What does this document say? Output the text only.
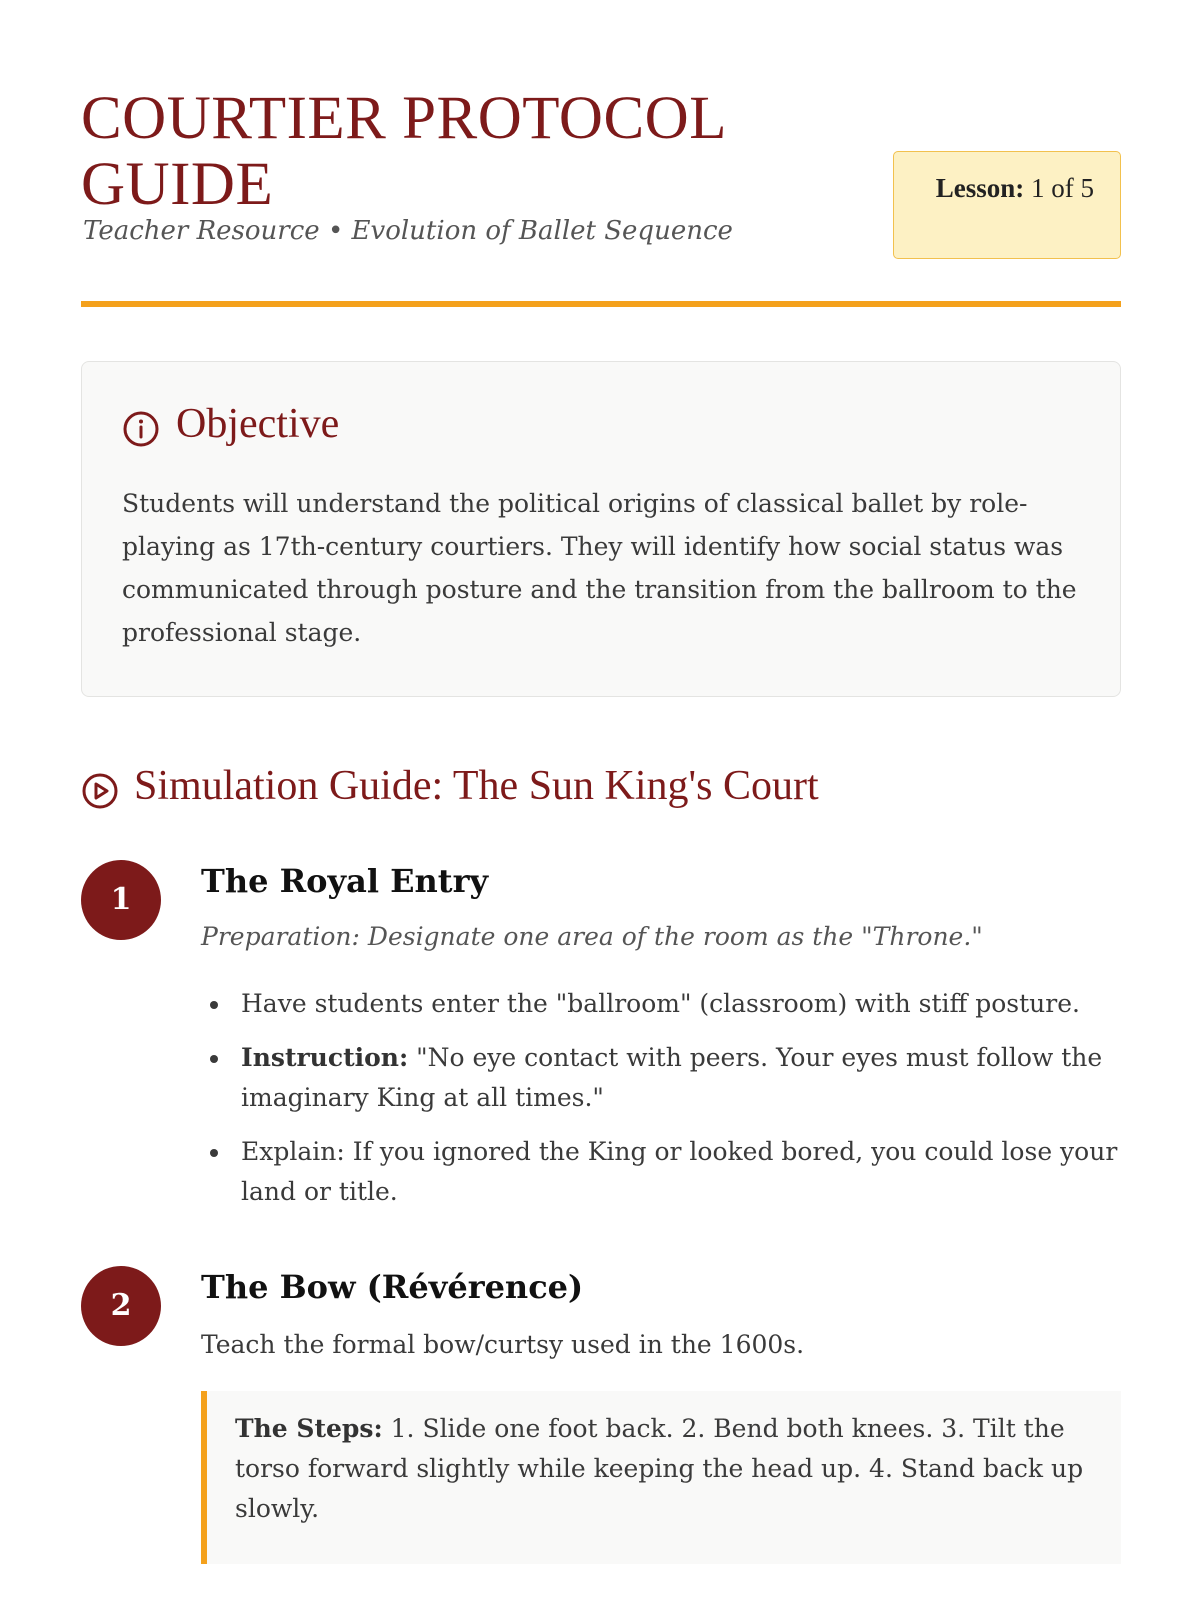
COURTIER PROTOCOL GUIDE

Teacher Resource • Evolution of Ballet Sequence

Lesson: 1 of 5
Objective

Students will understand the political origins of classical ballet by role-playing as 17th-century courtiers. They will identify how social status was communicated through posture and the transition from the ballroom to the professional stage.

Simulation Guide: The Sun King's Court
1	The Royal Entry

Preparation: Designate one area of the room as the "Throne."

Have students enter the "ballroom" (classroom) with stiff posture.
Instruction: "No eye contact with peers. Your eyes must follow the imaginary King at all times."
Explain: If you ignored the King or looked bored, you could lose your land or title.
2	The Bow (Révérence)

Teach the formal bow/curtsy used in the 1600s.

The Steps: 1. Slide one foot back. 2. Bend both knees. 3. Tilt the torso forward slightly while keeping the head up. 4. Stand back up slowly.
